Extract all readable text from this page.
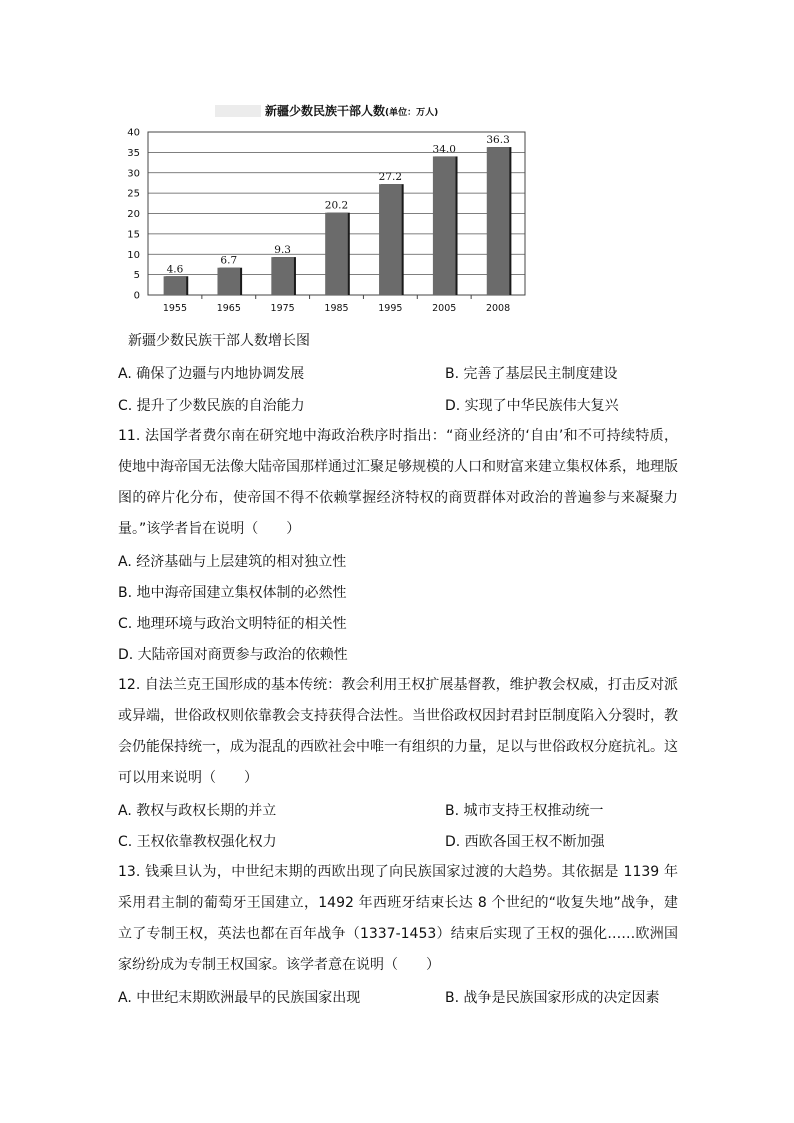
新疆少数民族干部人数(单位：万人)
0
5
10
15
20
25
30
35
40
4.6
1955
6.7
1965
9.3
1975
20.2
1985
27.2
1995
34.0
2005
36.3
2008
新疆少数民族干部人数增长图
A. 确保了边疆与内地协调发展	B. 完善了基层民主制度建设
C. 提升了少数民族的自治能力	D. 实现了中华民族伟大复兴
11. 法国学者费尔南在研究地中海政治秩序时指出：“商业经济的‘自由’和不可持续特质，使地中海帝国无法像大陆帝国那样通过汇聚足够规模的人口和财富来建立集权体系，地理版图的碎片化分布，使帝国不得不依赖掌握经济特权的商贾群体对政治的普遍参与来凝聚力量。”该学者旨在说明（　　）
A. 经济基础与上层建筑的相对独立性
B. 地中海帝国建立集权体制的必然性
C. 地理环境与政治文明特征的相关性
D. 大陆帝国对商贾参与政治的依赖性
12. 自法兰克王国形成的基本传统：教会利用王权扩展基督教，维护教会权威，打击反对派或异端，世俗政权则依靠教会支持获得合法性。当世俗政权因封君封臣制度陷入分裂时，教会仍能保持统一，成为混乱的西欧社会中唯一有组织的力量，足以与世俗政权分庭抗礼。这可以用来说明（　　）
A. 教权与政权长期的并立	B. 城市支持王权推动统一
C. 王权依靠教权强化权力	D. 西欧各国王权不断加强
13. 钱乘旦认为，中世纪末期的西欧出现了向民族国家过渡的大趋势。其依据是 1139 年采用君主制的葡萄牙王国建立，1492 年西班牙结束长达 8 个世纪的“收复失地”战争，建立了专制王权，英法也都在百年战争（1337-1453）结束后实现了王权的强化……欧洲国家纷纷成为专制王权国家。该学者意在说明（　　）
A. 中世纪末期欧洲最早的民族国家出现	B. 战争是民族国家形成的决定因素
